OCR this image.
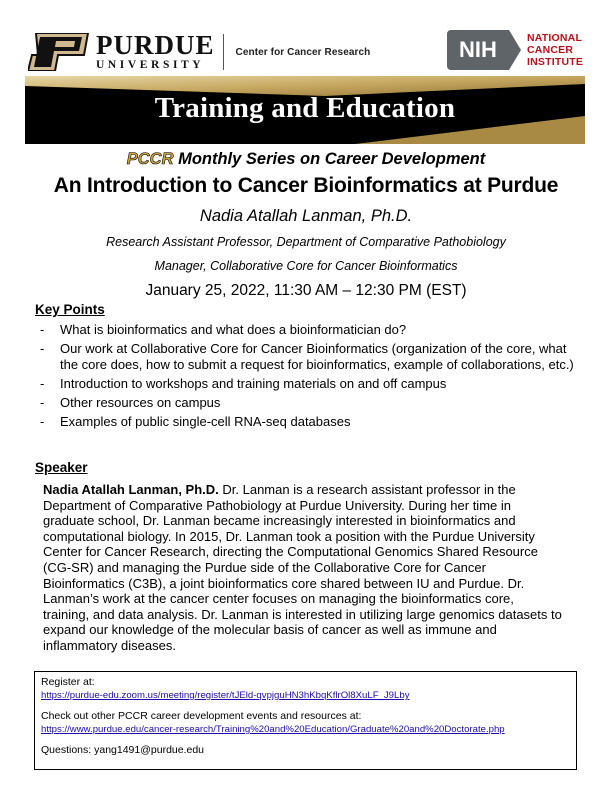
PURDUE
UNIVERSITY
Center for Cancer Research	NIH	NATIONAL
CANCER
INSTITUTE
Training and Education
PCCR Monthly Series on Career Development
An Introduction to Cancer Bioinformatics at Purdue
Nadia Atallah Lanman, Ph.D.
Research Assistant Professor, Department of Comparative Pathobiology
Manager, Collaborative Core for Cancer Bioinformatics
January 25, 2022, 11:30 AM – 12:30 PM (EST)
Key Points
- What is bioinformatics and what does a bioinformatician do?
- Our work at Collaborative Core for Cancer Bioinformatics (organization of the core, what the core does, how to submit a request for bioinformatics, example of collaborations, etc.)
- Introduction to workshops and training materials on and off campus
- Other resources on campus
- Examples of public single-cell RNA-seq databases
Speaker

Nadia Atallah Lanman, Ph.D. Dr. Lanman is a research assistant professor in the Department of Comparative Pathobiology at Purdue University. During her time in graduate school, Dr. Lanman became increasingly interested in bioinformatics and computational biology. In 2015, Dr. Lanman took a position with the Purdue University Center for Cancer Research, directing the Computational Genomics Shared Resource (CG-SR) and managing the Purdue side of the Collaborative Core for Cancer Bioinformatics (C3B), a joint bioinformatics core shared between IU and Purdue. Dr. Lanman’s work at the cancer center focuses on managing the bioinformatics core, training, and data analysis. Dr. Lanman is interested in utilizing large genomics datasets to expand our knowledge of the molecular basis of cancer as well as immune and inflammatory diseases.

Register at:
https://purdue-edu.zoom.us/meeting/register/tJEld-qvpjguHN3hKbqKflrOl8XuLF_J9Lby
Check out other PCCR career development events and resources at:
https://www.purdue.edu/cancer-research/Training%20and%20Education/Graduate%20and%20Doctorate.php
Questions: yang1491@purdue.edu
